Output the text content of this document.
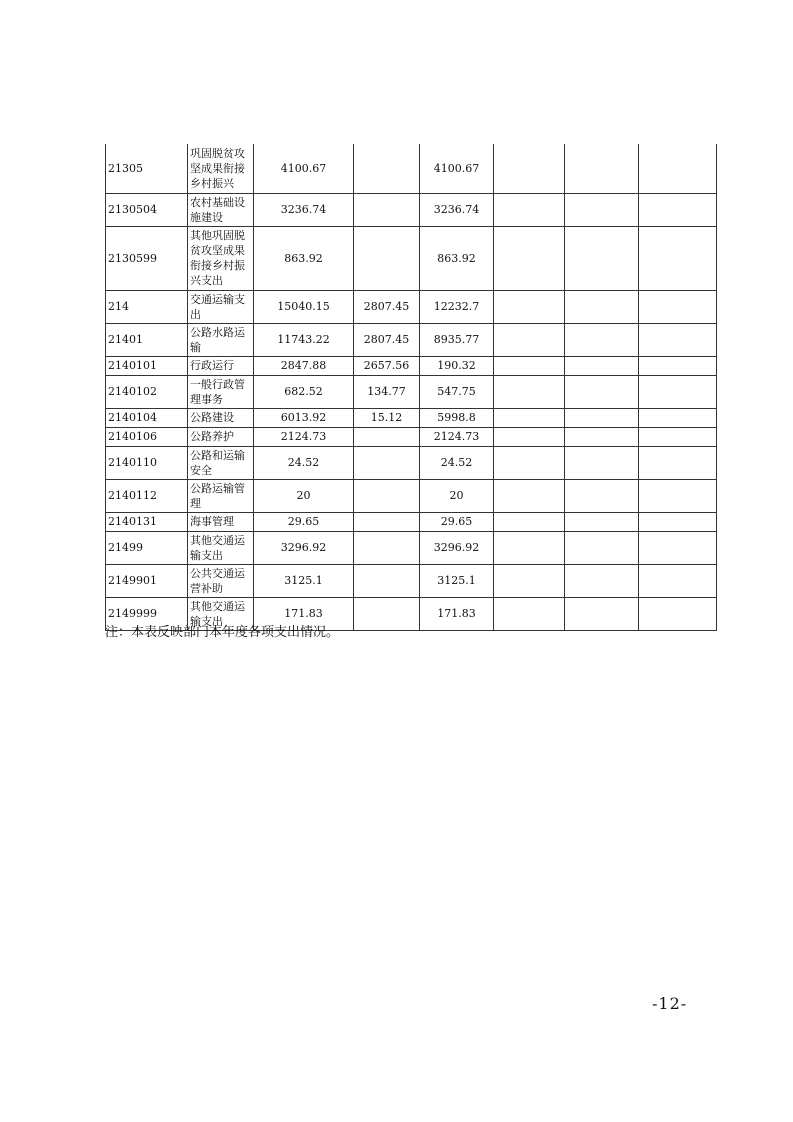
21305	巩固脱贫攻坚成果衔接乡村振兴	4100.67		4100.67			
2130504	农村基础设施建设	3236.74		3236.74			
2130599	其他巩固脱贫攻坚成果衔接乡村振兴支出	863.92		863.92			
214	交通运输支出	15040.15	2807.45	12232.7			
21401	公路水路运输	11743.22	2807.45	8935.77			
2140101	行政运行	2847.88	2657.56	190.32			
2140102	一般行政管理事务	682.52	134.77	547.75			
2140104	公路建设	6013.92	15.12	5998.8			
2140106	公路养护	2124.73		2124.73			
2140110	公路和运输安全	24.52		24.52			
2140112	公路运输管理	20		20			
2140131	海事管理	29.65		29.65			
21499	其他交通运输支出	3296.92		3296.92			
2149901	公共交通运营补助	3125.1		3125.1			
2149999	其他交通运输支出	171.83		171.83			
注：本表反映部门本年度各项支出情况。
-12-
